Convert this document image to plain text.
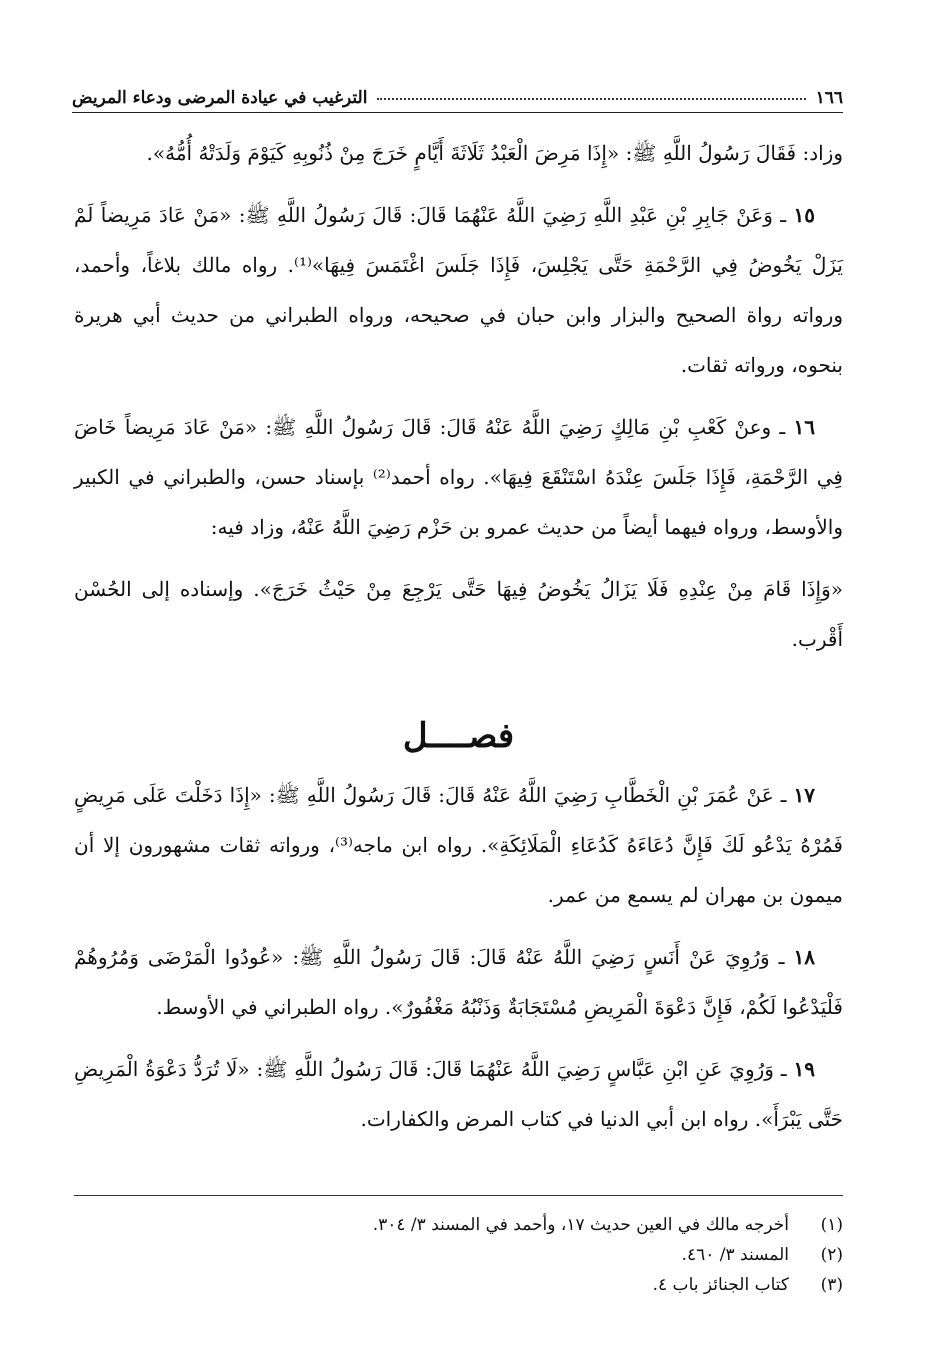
١٦٦
الترغيب في عيادة المرضى ودعاء المريض

وزاد: فَقَالَ رَسُولُ اللَّهِ ﷺ: «إِذَا مَرِضَ الْعَبْدُ ثَلَاثَةَ أَيَّامٍ خَرَجَ مِنْ ذُنُوبِهِ كَيَوْمَ وَلَدَتْهُ أُمُّهُ».

١٥ ـ وَعَنْ جَابِرِ بْنِ عَبْدِ اللَّهِ رَضِيَ اللَّهُ عَنْهُمَا قَالَ: قَالَ رَسُولُ اللَّهِ ﷺ: «مَنْ عَادَ مَرِيضاً لَمْ يَزَلْ يَخُوضُ فِي الرَّحْمَةِ حَتَّى يَجْلِسَ، فَإِذَا جَلَسَ اغْتَمَسَ فِيهَا»⁽¹⁾. رواه مالك بلاغاً، وأحمد، ورواته رواة الصحيح والبزار وابن حبان في صحيحه، ورواه الطبراني من حديث أبي هريرة بنحوه، ورواته ثقات.

١٦ ـ وعنْ كَعْبِ بْنِ مَالِكٍ رَضِيَ اللَّهُ عَنْهُ قَالَ: قَالَ رَسُولُ اللَّهِ ﷺ: «مَنْ عَادَ مَرِيضاً خَاضَ فِي الرَّحْمَةِ، فَإِذَا جَلَسَ عِنْدَهُ اسْتَنْقَعَ فِيهَا». رواه أحمد⁽²⁾ بإسناد حسن، والطبراني في الكبير والأوسط، ورواه فيهما أيضاً من حديث عمرو بن حَزْم رَضِيَ اللَّهُ عَنْهُ، وزاد فيه:

«وَإِذَا قَامَ مِنْ عِنْدِهِ فَلَا يَزَالُ يَخُوضُ فِيهَا حَتَّى يَرْجِعَ مِنْ حَيْثُ خَرَجَ». وإسناده إلى الحُسْن أَقْرب.

فصــــل

١٧ ـ عَنْ عُمَرَ بْنِ الْخَطَّابِ رَضِيَ اللَّهُ عَنْهُ قَالَ: قَالَ رَسُولُ اللَّهِ ﷺ: «إِذَا دَخَلْتَ عَلَى مَرِيضٍ فَمُرْهُ يَدْعُو لَكَ فَإِنَّ دُعَاءَهُ كَدُعَاءِ الْمَلَائِكَةِ». رواه ابن ماجه⁽³⁾، ورواته ثقات مشهورون إلا أن ميمون بن مهران لم يسمع من عمر.

١٨ ـ وَرُوِيَ عَنْ أَنَسٍ رَضِيَ اللَّهُ عَنْهُ قَالَ: قَالَ رَسُولُ اللَّهِ ﷺ: «عُودُوا الْمَرْضَى وَمُرُوهُمْ فَلْيَدْعُوا لَكُمْ، فَإِنَّ دَعْوَةَ الْمَرِيضِ مُسْتَجَابَةٌ وَذَنْبُهُ مَغْفُورٌ». رواه الطبراني في الأوسط.

١٩ ـ وَرُوِيَ عَنِ ابْنِ عَبَّاسٍ رَضِيَ اللَّهُ عَنْهُمَا قَالَ: قَالَ رَسُولُ اللَّهِ ﷺ: «لَا تُرَدُّ دَعْوَةُ الْمَرِيضِ حَتَّى يَبْرَأَ». رواه ابن أبي الدنيا في كتاب المرض والكفارات.

(١)
أخرجه مالك في العين حديث ١٧، وأحمد في المسند ٣/ ٣٠٤.
(٢)
المسند ٣/ ٤٦٠.
(٣)
كتاب الجنائز باب ٤.
